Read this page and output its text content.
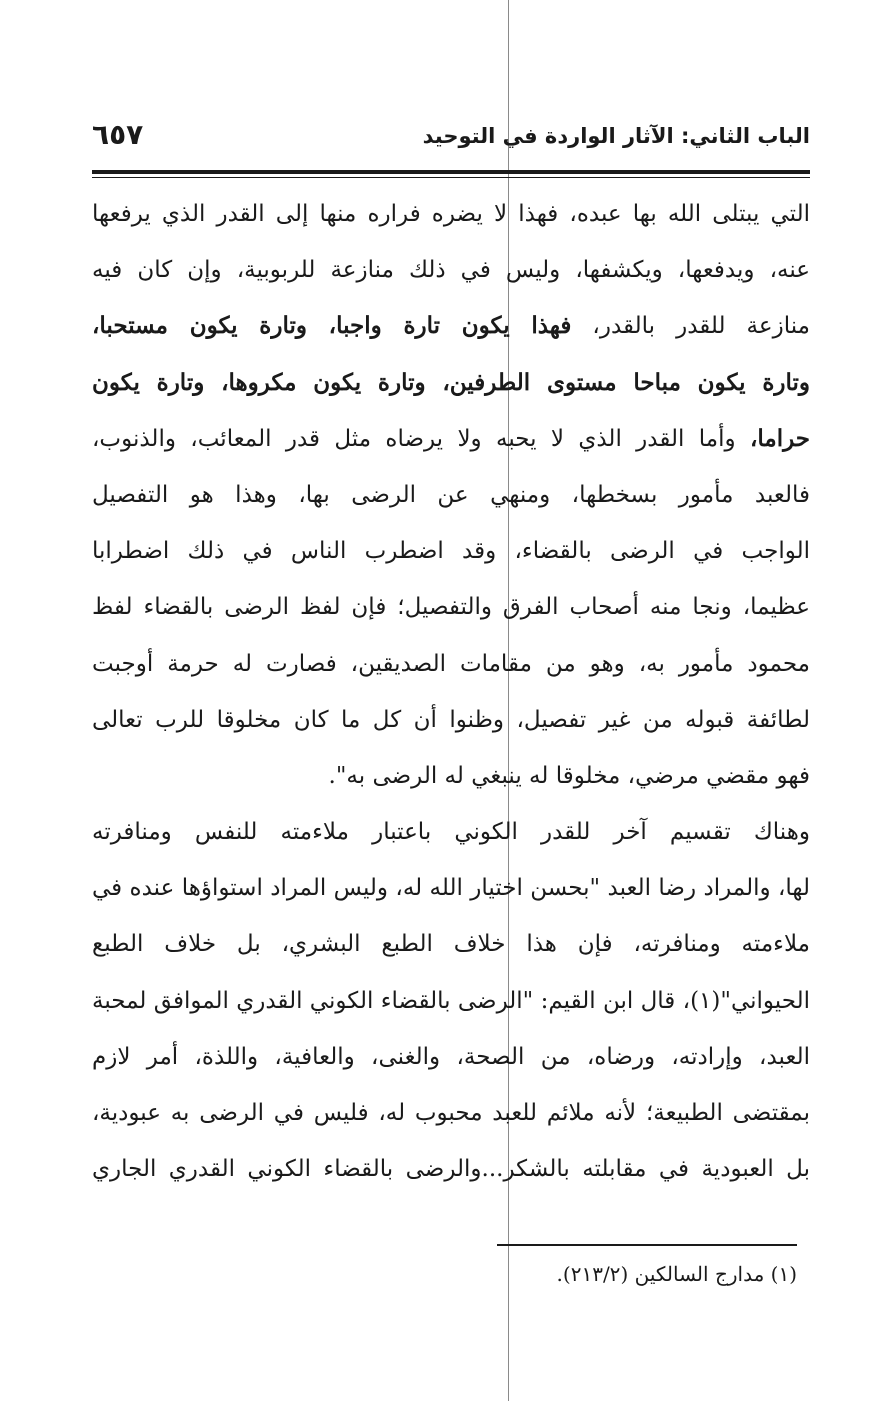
الباب الثاني: الآثار الواردة في التوحيد
٦٥٧
التي يبتلى الله بها عبده، فهذا لا يضره فراره منها إلى القدر الذي يرفعها
عنه، ويدفعها، ويكشفها، وليس في ذلك منازعة للربوبية، وإن كان فيه
منازعة للقدر بالقدر، فهذا يكون تارة واجبا، وتارة يكون مستحبا،
وتارة يكون مباحا مستوى الطرفين، وتارة يكون مكروها، وتارة يكون
حراما، وأما القدر الذي لا يحبه ولا يرضاه مثل قدر المعائب، والذنوب،
فالعبد مأمور بسخطها، ومنهي عن الرضى بها، وهذا هو التفصيل
الواجب في الرضى بالقضاء، وقد اضطرب الناس في ذلك اضطرابا
عظيما، ونجا منه أصحاب الفرق والتفصيل؛ فإن لفظ الرضى بالقضاء لفظ
محمود مأمور به، وهو من مقامات الصديقين، فصارت له حرمة أوجبت
لطائفة قبوله من غير تفصيل، وظنوا أن كل ما كان مخلوقا للرب تعالى
فهو مقضي مرضي، مخلوقا له ينبغي له الرضى به".
وهناك تقسيم آخر للقدر الكوني باعتبار ملاءمته للنفس ومنافرته
لها، والمراد رضا العبد "بحسن اختيار الله له، وليس المراد استواؤها عنده في
ملاءمته ومنافرته، فإن هذا خلاف الطبع البشري، بل خلاف الطبع
الحيواني"(١)، قال ابن القيم: "الرضى بالقضاء الكوني القدري الموافق لمحبة
العبد، وإرادته، ورضاه، من الصحة، والغنى، والعافية، واللذة، أمر لازم
بمقتضى الطبيعة؛ لأنه ملائم للعبد محبوب له، فليس في الرضى به عبودية،
بل العبودية في مقابلته بالشكر...والرضى بالقضاء الكوني القدري الجاري
(١) مدارج السالكين (٢١٣/٢).
